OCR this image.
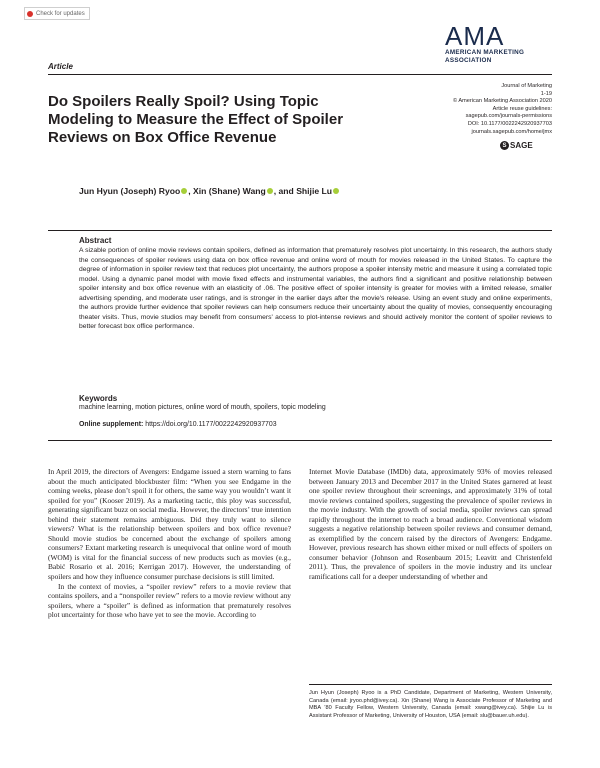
Check for updates
AMA
AMERICAN MARKETING
ASSOCIATION
Article
Do Spoilers Really Spoil? Using Topic Modeling to Measure the Effect of Spoiler Reviews on Box Office Revenue
Journal of Marketing
1-19
© American Marketing Association 2020
Article reuse guidelines:
sagepub.com/journals-permissions
DOI: 10.1177/0022242920937703
journals.sagepub.com/home/jmx
S SAGE
Jun Hyun (Joseph) Ryoo , Xin (Shane) Wang , and Shijie Lu
Abstract
A sizable portion of online movie reviews contain spoilers, defined as information that prematurely resolves plot uncertainty. In this research, the authors study the consequences of spoiler reviews using data on box office revenue and online word of mouth for movies released in the United States. To capture the degree of information in spoiler review text that reduces plot uncertainty, the authors propose a spoiler intensity metric and measure it using a correlated topic model. Using a dynamic panel model with movie fixed effects and instrumental variables, the authors find a significant and positive relationship between spoiler intensity and box office revenue with an elasticity of .06. The positive effect of spoiler intensity is greater for movies with a limited release, smaller advertising spending, and moderate user ratings, and is stronger in the earlier days after the movie's release. Using an event study and online experiments, the authors provide further evidence that spoiler reviews can help consumers reduce their uncertainty about the quality of movies, consequently encouraging theater visits. Thus, movie studios may benefit from consumers' access to plot-intense reviews and should actively monitor the content of spoiler reviews to better forecast box office performance.
Keywords
machine learning, motion pictures, online word of mouth, spoilers, topic modeling
Online supplement: https://doi.org/10.1177/0022242920937703

In April 2019, the directors of Avengers: Endgame issued a stern warning to fans about the much anticipated blockbuster film: “When you see Endgame in the coming weeks, please don’t spoil it for others, the same way you wouldn’t want it spoiled for you” (Kooser 2019). As a marketing tactic, this ploy was successful, generating significant buzz on social media. However, the directors’ true intention behind their statement remains ambiguous. Did they truly want to silence viewers? What is the relationship between spoilers and box office revenue? Should movie studios be concerned about the exchange of spoilers among consumers? Extant marketing research is unequivocal that online word of mouth (WOM) is vital for the financial success of new products such as movies (e.g., Babić Rosario et al. 2016; Kerrigan 2017). However, the understanding of spoilers and how they influence consumer purchase decisions is still limited.

In the context of movies, a “spoiler review” refers to a movie review that contains spoilers, and a “nonspoiler review” refers to a movie review without any spoilers, where a “spoiler” is defined as information that prematurely resolves plot uncertainty for those who have yet to see the movie. According to

Internet Movie Database (IMDb) data, approximately 93% of movies released between January 2013 and December 2017 in the United States garnered at least one spoiler review throughout their screenings, and approximately 31% of total movie reviews contained spoilers, suggesting the prevalence of spoiler reviews in the movie industry. With the growth of social media, spoiler reviews can spread rapidly throughout the internet to reach a broad audience. Conventional wisdom suggests a negative relationship between spoiler reviews and consumer demand, as exemplified by the concern raised by the directors of Avengers: Endgame. However, previous research has shown either mixed or null effects of spoilers on consumer behavior (Johnson and Rosenbaum 2015; Leavitt and Christenfeld 2011). Thus, the prevalence of spoilers in the movie industry and its unclear ramifications call for a deeper understanding of whether and

Jun Hyun (Joseph) Ryoo is a PhD Candidate, Department of Marketing, Western University, Canada (email: jryoo.phd@ivey.ca). Xin (Shane) Wang is Associate Professor of Marketing and MBA '80 Faculty Fellow, Western University, Canada (email: xwang@ivey.ca). Shijie Lu is Assistant Professor of Marketing, University of Houston, USA (email: slu@bauer.uh.edu).
